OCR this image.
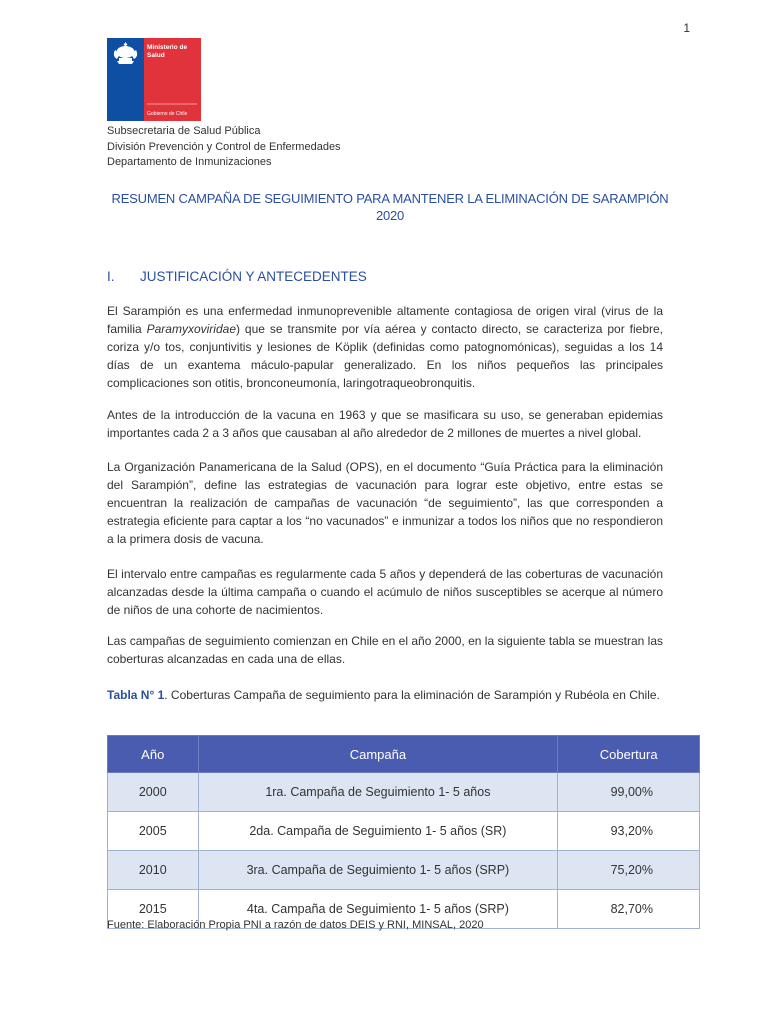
1
Ministerio de
Salud
Gobierno de Chile
Subsecretaria de Salud Pública
División Prevención y Control de Enfermedades
Departamento de Inmunizaciones
RESUMEN CAMPAÑA DE SEGUIMIENTO PARA MANTENER LA ELIMINACIÓN DE SARAMPIÓN
2020
I. JUSTIFICACIÓN Y ANTECEDENTES

El Sarampión es una enfermedad inmunoprevenible altamente contagiosa de origen viral (virus de la familia Paramyxoviridae) que se transmite por vía aérea y contacto directo, se caracteriza por fiebre, coriza y/o tos, conjuntivitis y lesiones de Köplik (definidas como patognomónicas), seguidas a los 14 días de un exantema máculo-papular generalizado. En los niños pequeños las principales complicaciones son otitis, bronconeumonía, laringotraqueobronquitis.

Antes de la introducción de la vacuna en 1963 y que se masificara su uso, se generaban epidemias importantes cada 2 a 3 años que causaban al año alrededor de 2 millones de muertes a nivel global.

La Organización Panamericana de la Salud (OPS), en el documento “Guía Práctica para la eliminación del Sarampión”, define las estrategias de vacunación para lograr este objetivo, entre estas se encuentran la realización de campañas de vacunación “de seguimiento”, las que corresponden a estrategia eficiente para captar a los “no vacunados” e inmunizar a todos los niños que no respondieron a la primera dosis de vacuna.

El intervalo entre campañas es regularmente cada 5 años y dependerá de las coberturas de vacunación alcanzadas desde la última campaña o cuando el acúmulo de niños susceptibles se acerque al número de niños de una cohorte de nacimientos.

Las campañas de seguimiento comienzan en Chile en el año 2000, en la siguiente tabla se muestran las coberturas alcanzadas en cada una de ellas.

Tabla N° 1. Coberturas Campaña de seguimiento para la eliminación de Sarampión y Rubéola en Chile.
Año	Campaña	Cobertura
2000	1ra. Campaña de Seguimiento 1- 5 años	99,00%
2005	2da. Campaña de Seguimiento 1- 5 años (SR)	93,20%
2010	3ra. Campaña de Seguimiento 1- 5 años (SRP)	75,20%
2015	4ta. Campaña de Seguimiento 1- 5 años (SRP)	82,70%
Fuente: Elaboración Propia PNI a razón de datos DEIS y RNI, MINSAL, 2020
